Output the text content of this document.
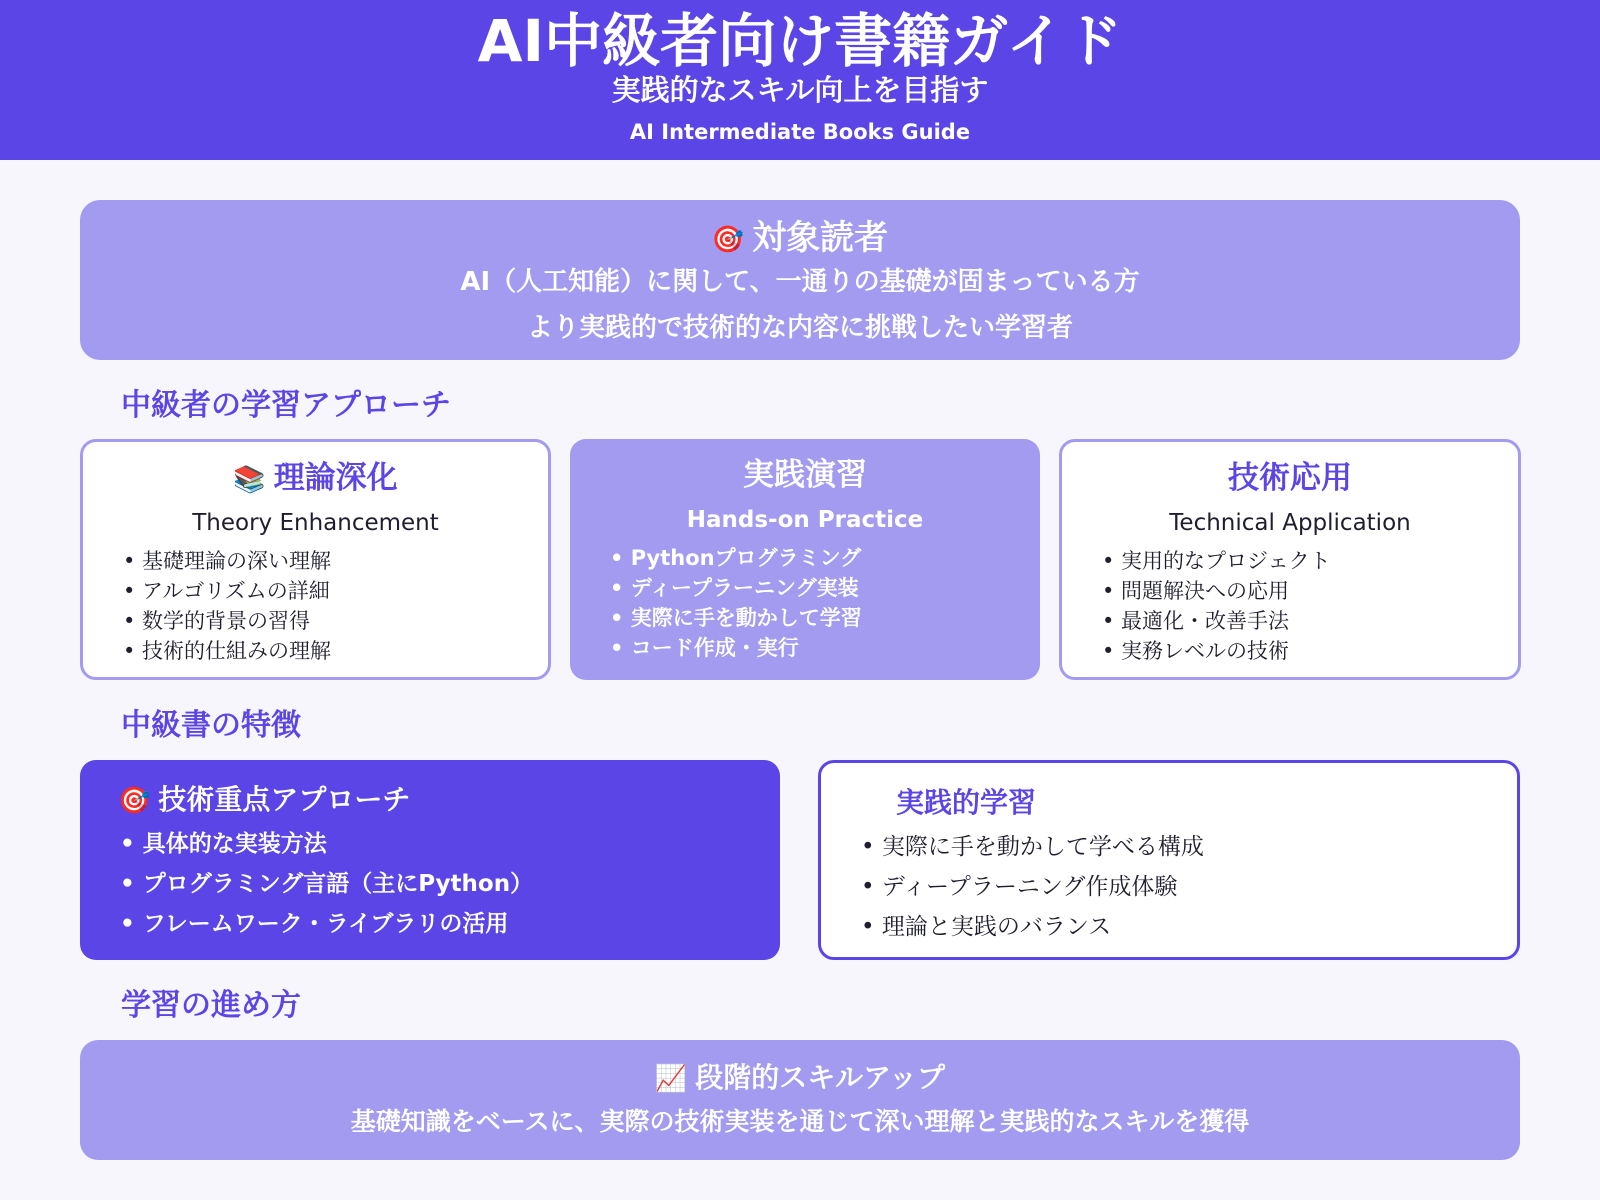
AI中級者向け書籍ガイド
実践的なスキル向上を目指す
AI Intermediate Books Guide
🎯 対象読者
AI（人工知能）に関して、一通りの基礎が固まっている方
より実践的で技術的な内容に挑戦したい学習者
中級者の学習アプローチ
📚 理論深化
Theory Enhancement
• 基礎理論の深い理解
• アルゴリズムの詳細
• 数学的背景の習得
• 技術的仕組みの理解
実践演習
Hands-on Practice
• Pythonプログラミング
• ディープラーニング実装
• 実際に手を動かして学習
• コード作成・実行
技術応用
Technical Application
• 実用的なプロジェクト
• 問題解決への応用
• 最適化・改善手法
• 実務レベルの技術
中級書の特徴
🎯 技術重点アプローチ
• 具体的な実装方法
• プログラミング言語（主にPython）
• フレームワーク・ライブラリの活用
実践的学習
• 実際に手を動かして学べる構成
• ディープラーニング作成体験
• 理論と実践のバランス
学習の進め方
📈 段階的スキルアップ
基礎知識をベースに、実際の技術実装を通じて深い理解と実践的なスキルを獲得
